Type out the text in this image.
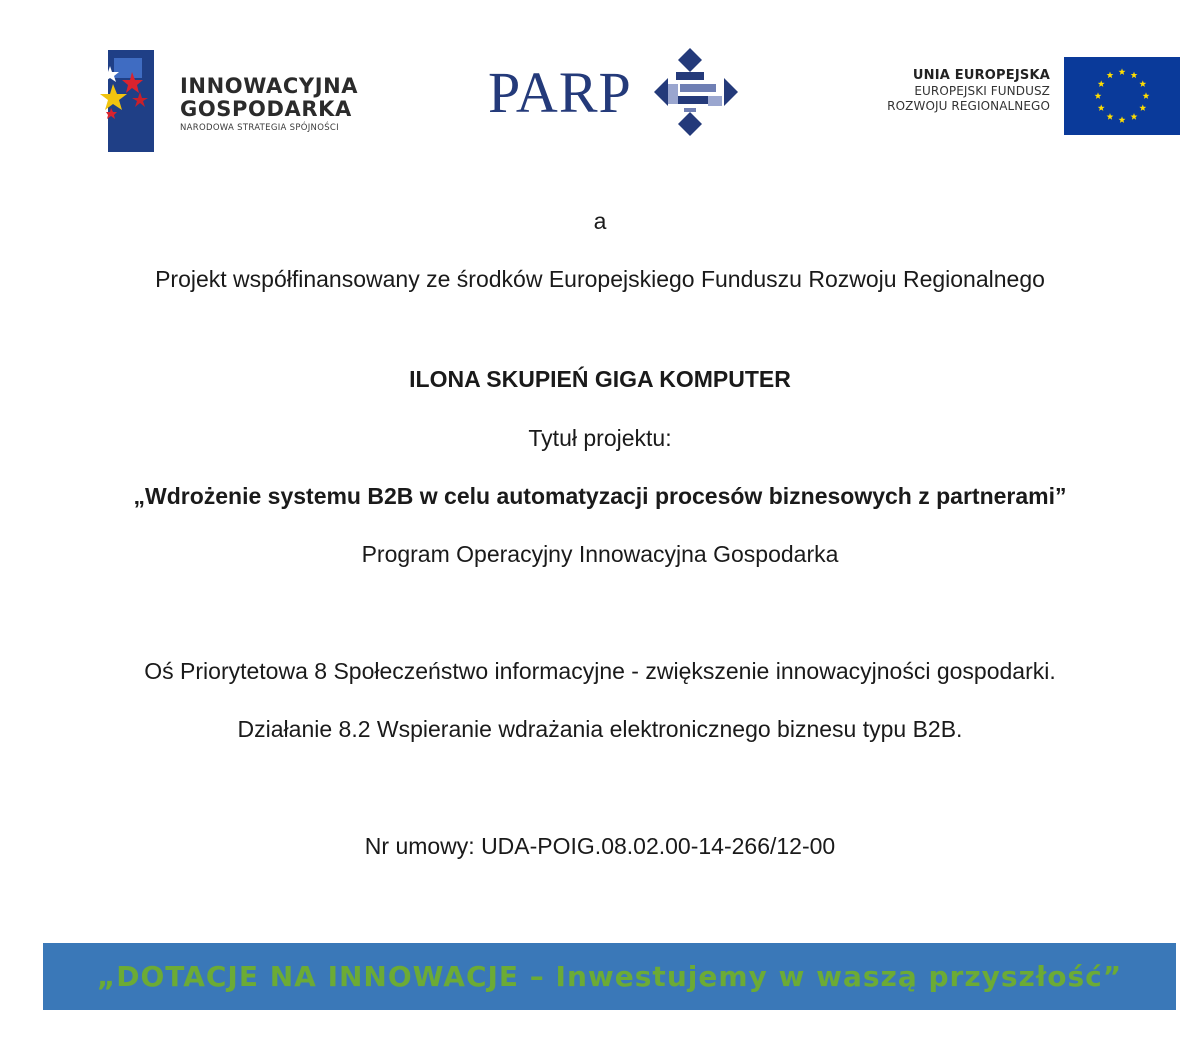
INNOWACYJNA
GOSPODARKA
NARODOWA STRATEGIA SPÓJNOŚCI
PARP	UNIA EUROPEJSKA
EUROPEJSKI FUNDUSZ
ROZWOJU REGIONALNEGO
a
Projekt współfinansowany ze środków Europejskiego Funduszu Rozwoju Regionalnego
ILONA SKUPIEŃ GIGA KOMPUTER
Tytuł projektu:
„Wdrożenie systemu B2B w celu automatyzacji procesów biznesowych z partnerami”
Program Operacyjny Innowacyjna Gospodarka
Oś Priorytetowa 8 Społeczeństwo informacyjne - zwiększenie innowacyjności gospodarki.
Działanie 8.2 Wspieranie wdrażania elektronicznego biznesu typu B2B.
Nr umowy: UDA-POIG.08.02.00-14-266/12-00
„DOTACJE NA INNOWACJE – Inwestujemy w waszą przyszłość”
